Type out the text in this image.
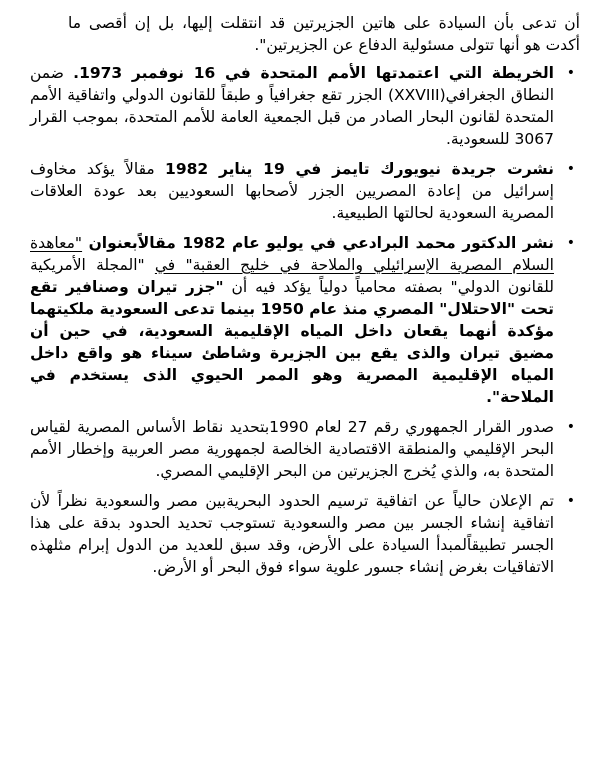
أن تدعى بأن السيادة على هاتين الجزيرتين قد انتقلت إليها، بل إن أقصى ما أكدت هو أنها تتولى مسئولية الدفاع عن الجزيرتين".

•
الخريطة التي اعتمدتها الأمم المتحدة في 16 نوفمبر 1973. ضمن النطاق الجغرافي(XXVIII) الجزر تقع جغرافياً و طبقاً للقانون الدولي واتفاقية الأمم المتحدة لقانون البحار الصادر من قبل الجمعية العامة للأمم المتحدة، بموجب القرار 3067 للسعودية.
•
نشرت جريدة نيويورك تايمز في 19 يناير 1982 مقالاً يؤكد مخاوف إسرائيل من إعادة المصريين الجزر لأصحابها السعوديين بعد عودة العلاقات المصرية السعودية لحالتها الطبيعية.
•
نشر الدكتور محمد البرادعي في يوليو عام 1982 مقالاًبعنوان "معاهدة السلام المصرية الإسرائيلي والملاحة في خليج العقبة" في "المجلة الأمريكية للقانون الدولي" بصفته محامياً دولياً يؤكد فيه أن "جزر تيران وصنافير تقع تحت "الاحتلال" المصري منذ عام 1950 بينما تدعى السعودية ملكيتهما مؤكدة أنهما يقعان داخل المياه الإقليمية السعودية، في حين أن مضيق تيران والذى يقع بين الجزيرة وشاطئ سيناء هو واقع داخل المياه الإقليمية المصرية وهو الممر الحيوي الذى يستخدم في الملاحة".
•
صدور القرار الجمهوري رقم 27 لعام 1990بتحديد نقاط الأساس المصرية لقياس البحر الإقليمي والمنطقة الاقتصادية الخالصة لجمهورية مصر العربية وإخطار الأمم المتحدة به، والذي يُخرج الجزيرتين من البحر الإقليمي المصري.
•
تم الإعلان حالياً عن اتفاقية ترسيم الحدود البحريةبين مصر والسعودية نظراً لأن اتفاقية إنشاء الجسر بين مصر والسعودية تستوجب تحديد الحدود بدقة على هذا الجسر تطبيقاًلمبدأ السيادة على الأرض، وقد سبق للعديد من الدول إبرام مثلهذه الاتفاقيات بغرض إنشاء جسور علوية سواء فوق البحر أو الأرض.
